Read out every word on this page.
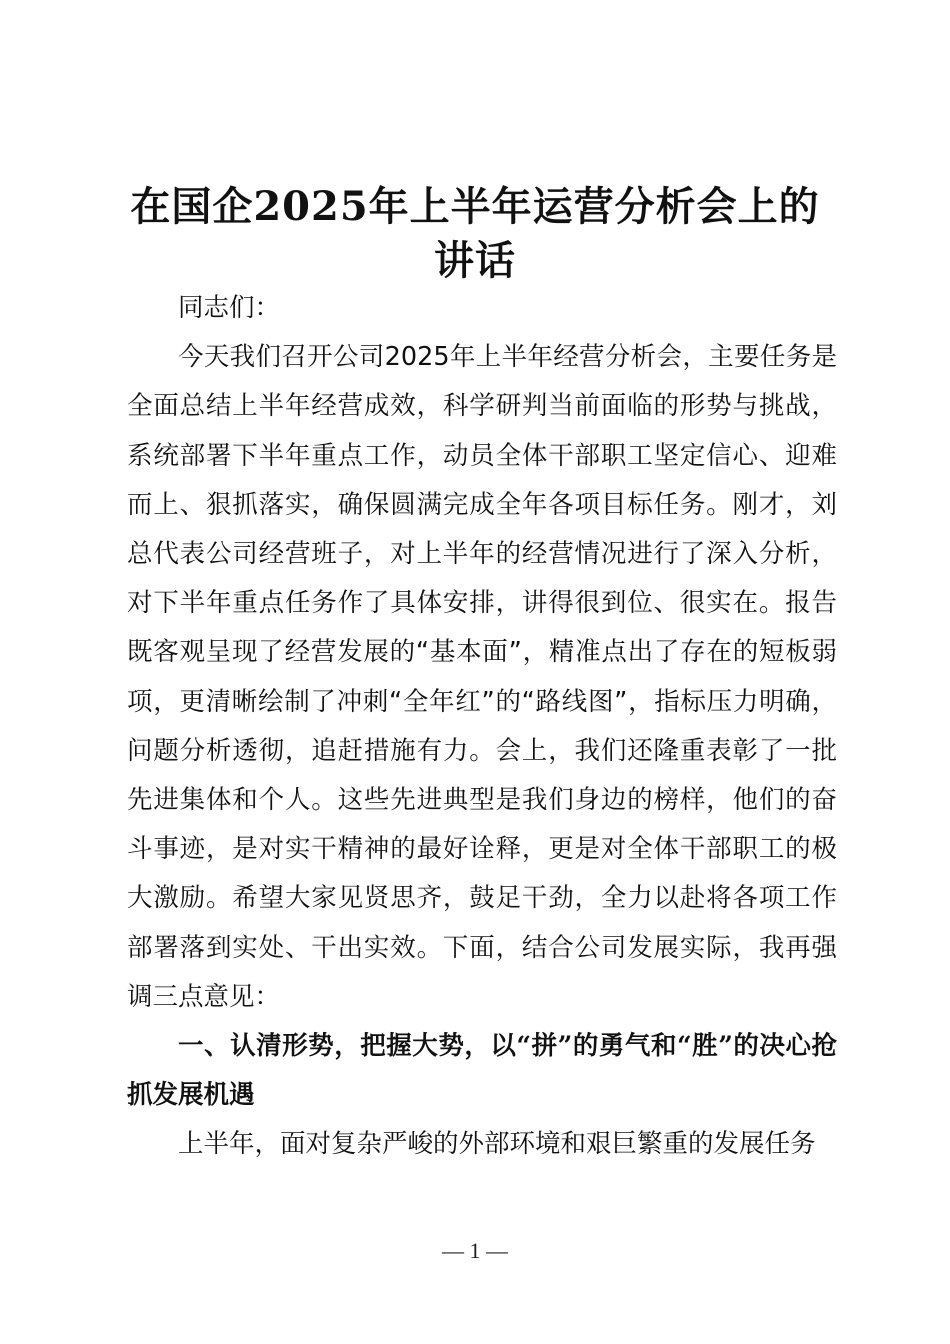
在国企2025年上半年运营分析会上的
讲话

同志们：

今天我们召开公司2025年上半年经营分析会，主要任务是全面总结上半年经营成效，科学研判当前面临的形势与挑战，系统部署下半年重点工作，动员全体干部职工坚定信心、迎难而上、狠抓落实，确保圆满完成全年各项目标任务。刚才，刘总代表公司经营班子，对上半年的经营情况进行了深入分析，对下半年重点任务作了具体安排，讲得很到位、很实在。报告既客观呈现了经营发展的“基本面”，精准点出了存在的短板弱项，更清晰绘制了冲刺“全年红”的“路线图”，指标压力明确，问题分析透彻，追赶措施有力。会上，我们还隆重表彰了一批先进集体和个人。这些先进典型是我们身边的榜样，他们的奋斗事迹，是对实干精神的最好诠释，更是对全体干部职工的极大激励。希望大家见贤思齐，鼓足干劲，全力以赴将各项工作部署落到实处、干出实效。下面，结合公司发展实际，我再强调三点意见：

一、认清形势，把握大势，以“拼”的勇气和“胜”的决心抢抓发展机遇

上半年，面对复杂严峻的外部环境和艰巨繁重的发展任务

— 1 —
